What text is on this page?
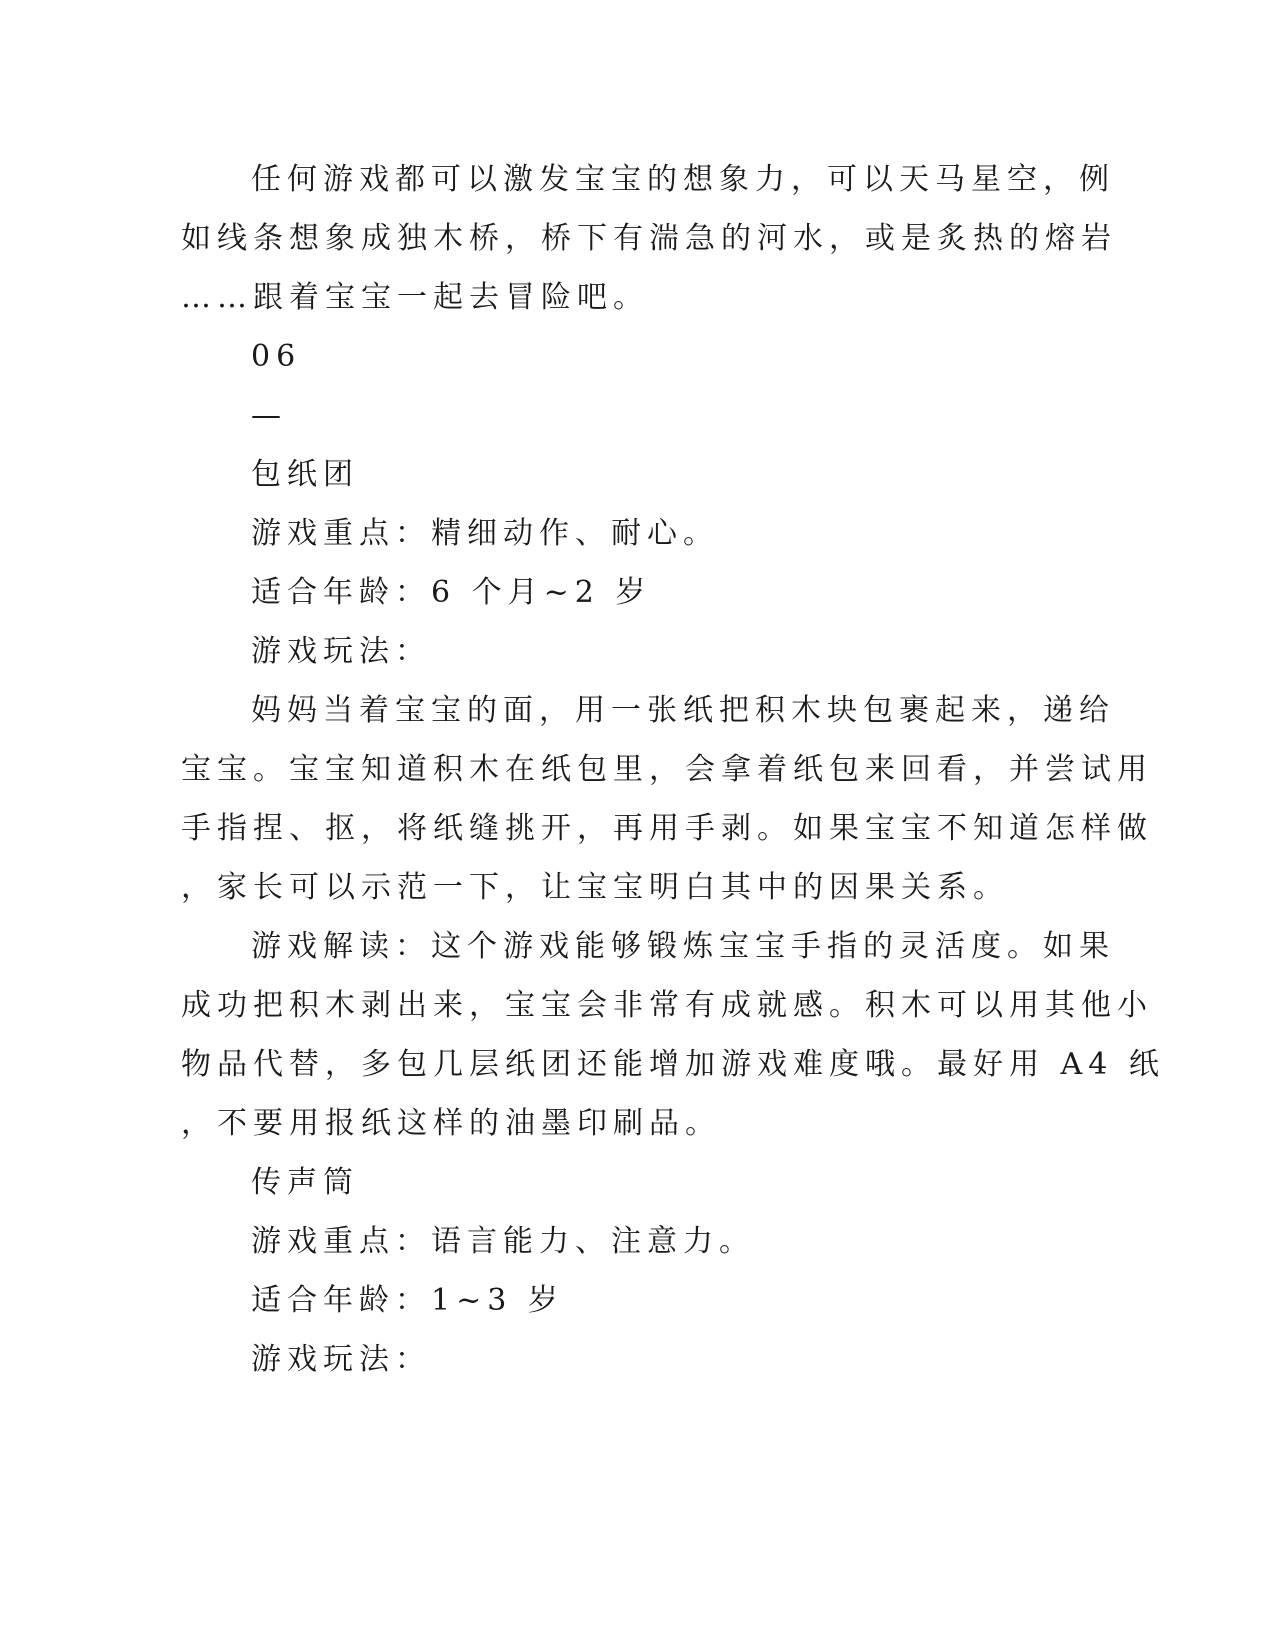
任何游戏都可以激发宝宝的想象力，可以天马星空，例
如线条想象成独木桥，桥下有湍急的河水，或是炙热的熔岩
……跟着宝宝一起去冒险吧。
06
—
包纸团
游戏重点：精细动作、耐心。
适合年龄：6 个月~2 岁
游戏玩法：
妈妈当着宝宝的面，用一张纸把积木块包裹起来，递给
宝宝。宝宝知道积木在纸包里，会拿着纸包来回看，并尝试用
手指捏、抠，将纸缝挑开，再用手剥。如果宝宝不知道怎样做
，家长可以示范一下，让宝宝明白其中的因果关系。
游戏解读：这个游戏能够锻炼宝宝手指的灵活度。如果
成功把积木剥出来，宝宝会非常有成就感。积木可以用其他小
物品代替，多包几层纸团还能增加游戏难度哦。最好用 A4 纸
，不要用报纸这样的油墨印刷品。
传声筒
游戏重点：语言能力、注意力。
适合年龄：1~3 岁
游戏玩法：
